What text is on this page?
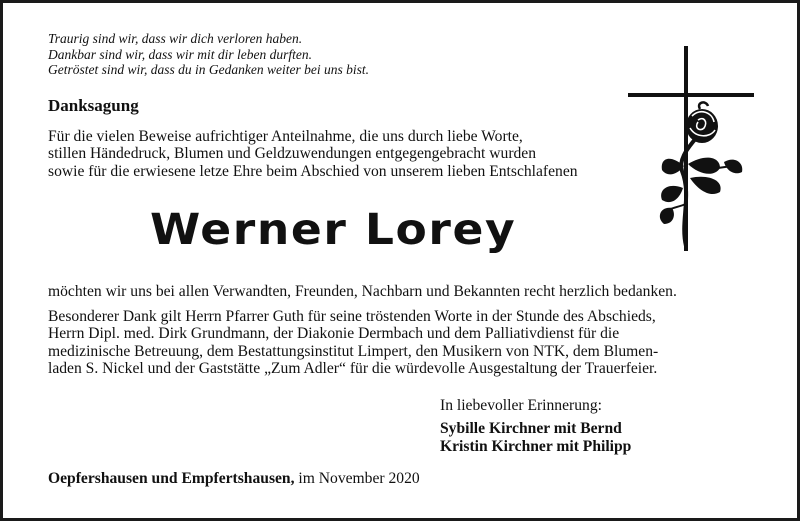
Traurig sind wir, dass wir dich verloren haben.
Dankbar sind wir, dass wir mit dir leben durften.
Getröstet sind wir, dass du in Gedanken weiter bei uns bist.
Danksagung
Für die vielen Beweise aufrichtiger Anteilnahme, die uns durch liebe Worte,
stillen Händedruck, Blumen und Geldzuwendungen entgegengebracht wurden
sowie für die erwiesene letze Ehre beim Abschied von unserem lieben Entschlafenen
Werner Lorey
möchten wir uns bei allen Verwandten, Freunden, Nachbarn und Bekannten recht herzlich bedanken.
Besonderer Dank gilt Herrn Pfarrer Guth für seine tröstenden Worte in der Stunde des Abschieds,
Herrn Dipl. med. Dirk Grundmann, der Diakonie Dermbach und dem Palliativdienst für die
medizinische Betreuung, dem Bestattungsinstitut Limpert, den Musikern von NTK, dem Blumen-
laden S. Nickel und der Gaststätte „Zum Adler“ für die würdevolle Ausgestaltung der Trauerfeier.
In liebevoller Erinnerung:
Sybille Kirchner mit Bernd
Kristin Kirchner mit Philipp
Oepfershausen und Empfertshausen, im November 2020
